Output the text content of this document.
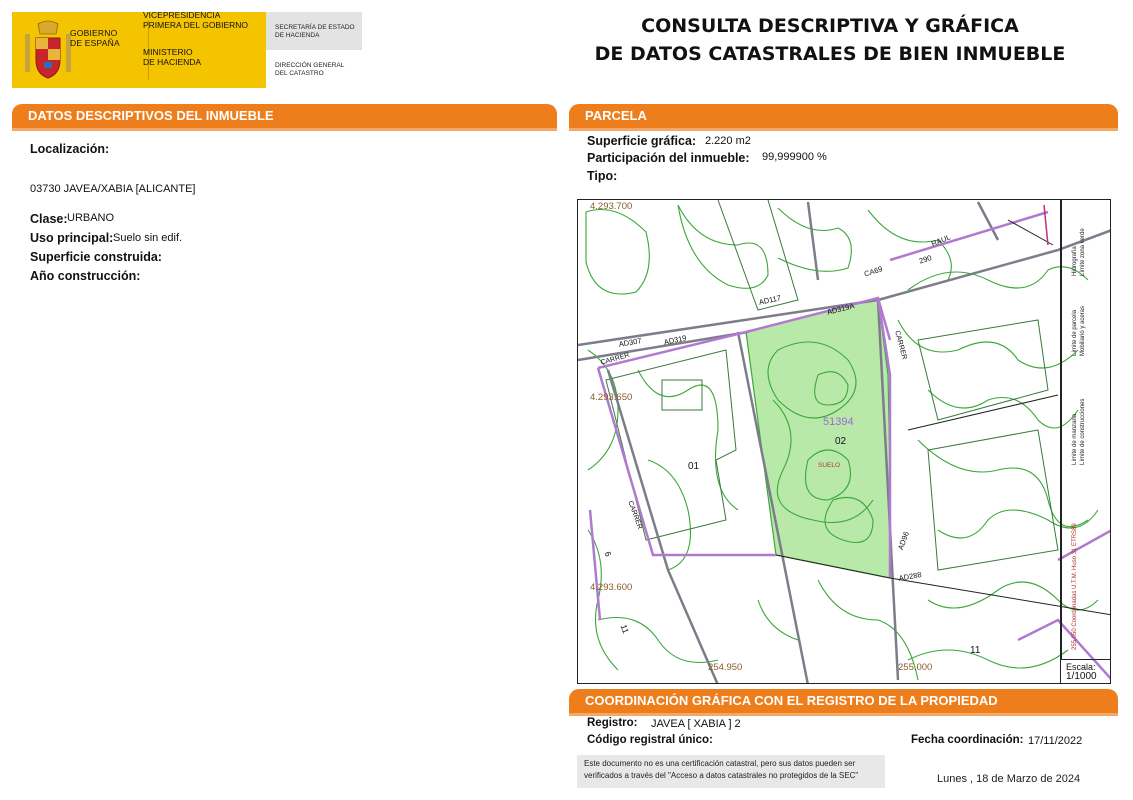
GOBIERNO
DE ESPAÑA
VICEPRESIDENCIA
PRIMERA DEL GOBIERNO
MINISTERIO
DE HACIENDA
SECRETARÍA DE ESTADO
DE HACIENDA
DIRECCIÓN GENERAL
DEL CATASTRO
CONSULTA DESCRIPTIVA Y GRÁFICA
DE DATOS CATASTRALES DE BIEN INMUEBLE
DATOS DESCRIPTIVOS DEL INMUEBLE
Localización:
03730 JAVEA/XABIA [ALICANTE]
Clase: URBANO
Uso principal: Suelo sin edif.
Superficie construida:
Año construcción:
PARCELA
Superficie gráfica: 2.220 m2
Participación del inmueble: 99,999900 %
Tipo:
4.293.700
4.293.650
4.293.600
254.950	255.000
51394
02
01	SUELO
11
11
6
AD117
AD307	AD319
AD319A
CARRER	CARRER
CARRER
CA69
290
RAUL
AD96
AD288
Límite de parcela Mobiliario y aceras
Hidrografía Límite zona verde
Límite de manzana Límite de construcciones
255,050 Coordenadas U.T.M. Huso 31 ETRS89
Escala:
1/1000
COORDINACIÓN GRÁFICA CON EL REGISTRO DE LA PROPIEDAD
Registro: JAVEA [ XABIA ] 2
Código registral único:	Fecha coordinación: 17/11/2022
Este documento no es una certificación catastral, pero sus datos pueden ser
verificados a través del "Acceso a datos catastrales no protegidos de la SEC"	Lunes , 18 de Marzo de 2024
